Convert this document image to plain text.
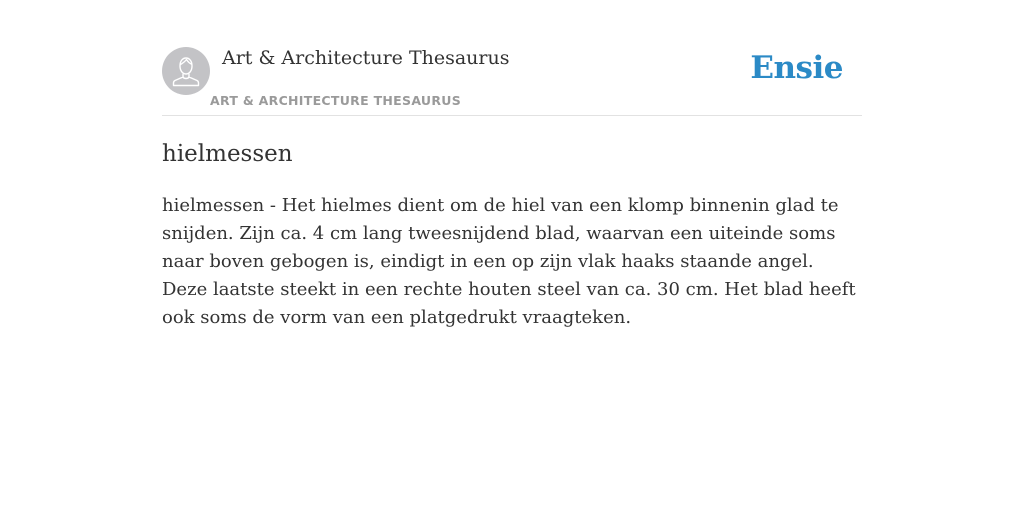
Art & Architecture Thesaurus
ART & ARCHITECTURE THESAURUS
Ensie
hielmessen

hielmessen - Het hielmes dient om de hiel van een klomp binnenin glad te snijden. Zijn ca. 4 cm lang tweesnijdend blad, waarvan een uiteinde soms naar boven gebogen is, eindigt in een op zijn vlak haaks staande angel. Deze laatste steekt in een rechte houten steel van ca. 30 cm. Het blad heeft ook soms de vorm van een platgedrukt vraagteken.
